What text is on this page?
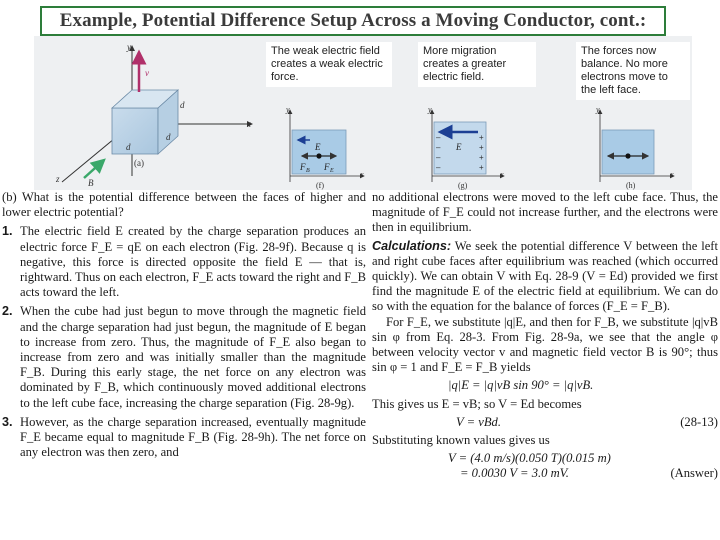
Example, Potential Difference Setup Across a Moving Conductor, cont.:
y
x
z
v
B
d
d
d
(a)
y
x
E
F B F E
(f)
–
–
–
–
+
+
+
+
y
x
E
(g)
y
x
(h)
The weak electric field creates a weak electric force.
More migration creates a greater electric field.
The forces now balance. No more electrons move to the left face.

(b) What is the potential difference between the faces of higher and lower electric potential?

1. The electric field E created by the charge separation produces an electric force F_E = qE on each electron (Fig. 28-9f). Because q is negative, this force is directed opposite the field E — that is, rightward. Thus on each electron, F_E acts toward the right and F_B acts toward the left.
2. When the cube had just begun to move through the magnetic field and the charge separation had just begun, the magnitude of E began to increase from zero. Thus, the magnitude of F_E also began to increase from zero and was initially smaller than the magnitude F_B. During this early stage, the net force on any electron was dominated by F_B, which continuously moved additional electrons to the left cube face, increasing the charge separation (Fig. 28-9g).
3. However, as the charge separation increased, eventually magnitude F_E became equal to magnitude F_B (Fig. 28-9h). The net force on any electron was then zero, and

no additional electrons were moved to the left cube face. Thus, the magnitude of F_E could not increase further, and the electrons were then in equilibrium.

Calculations: We seek the potential difference V between the left and right cube faces after equilibrium was reached (which occurred quickly). We can obtain V with Eq. 28-9 (V = Ed) provided we first find the magnitude E of the electric field at equilibrium. We can do so with the equation for the balance of forces (F_E = F_B).

For F_E, we substitute |q|E, and then for F_B, we substitute |q|vB sin φ from Eq. 28-3. From Fig. 28-9a, we see that the angle φ between velocity vector v and magnetic field vector B is 90°; thus sin φ = 1 and F_E = F_B yields

|q|E = |q|vB sin 90° = |q|vB.

This gives us E = vB; so V = Ed becomes

V = vBd.	(28-13)

Substituting known values gives us

V = (4.0 m/s)(0.050 T)(0.015 m)
= 0.0030 V = 3.0 mV.	(Answer)
